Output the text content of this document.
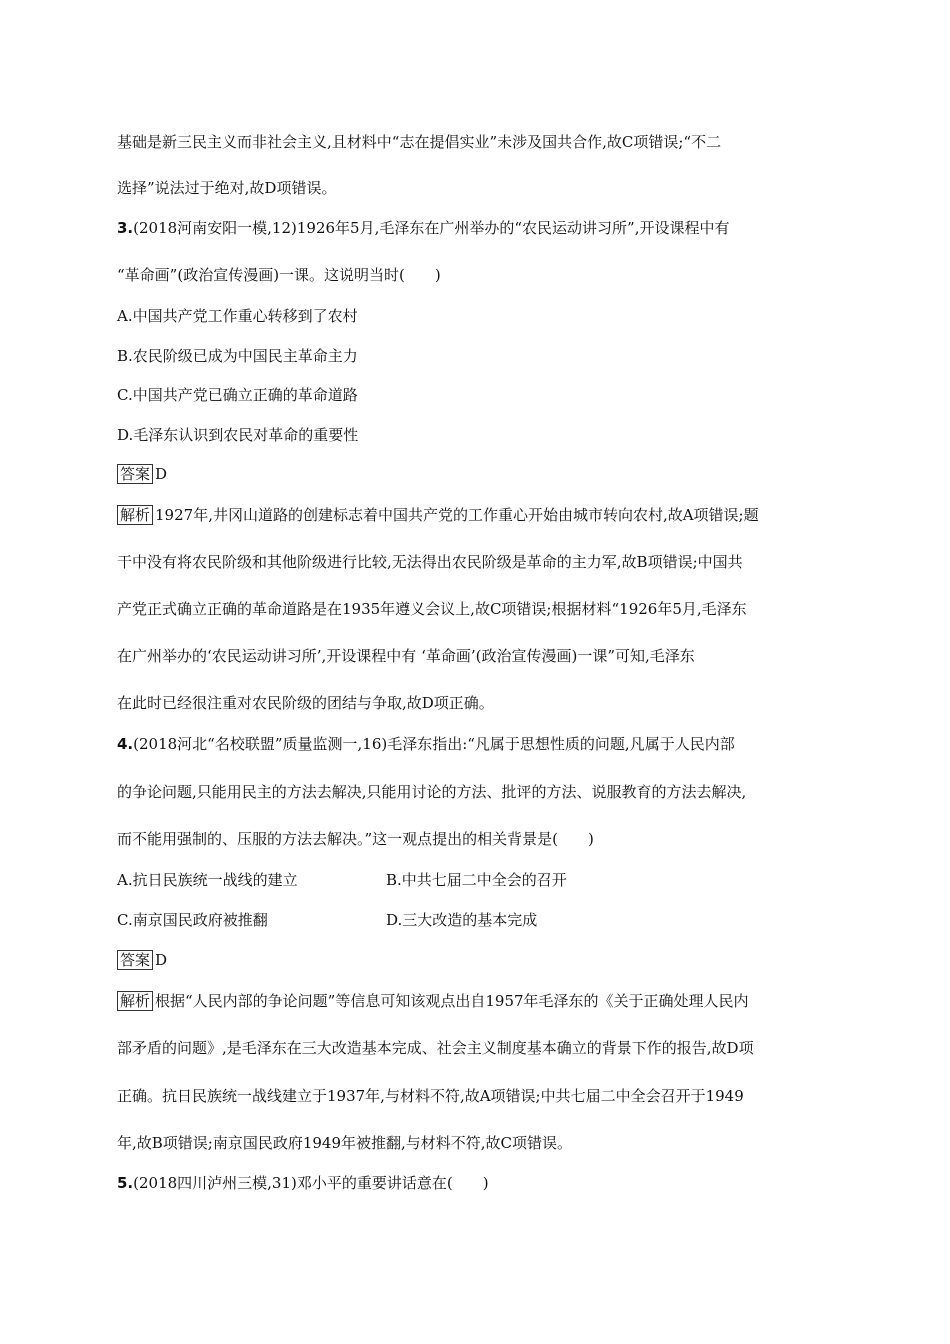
基础是新三民主义而非社会主义,且材料中“志在提倡实业”未涉及国共合作,故C项错误;“不二
选择”说法过于绝对,故D项错误。
3.(2018河南安阳一模,12)1926年5月,毛泽东在广州举办的“农民运动讲习所”,开设课程中有
“革命画”(政治宣传漫画)一课。这说明当时(　　)
A.中国共产党工作重心转移到了农村
B.农民阶级已成为中国民主革命主力
C.中国共产党已确立正确的革命道路
D.毛泽东认识到农民对革命的重要性
答案 D
解析 1927年,井冈山道路的创建标志着中国共产党的工作重心开始由城市转向农村,故A项错误;题
干中没有将农民阶级和其他阶级进行比较,无法得出农民阶级是革命的主力军,故B项错误;中国共
产党正式确立正确的革命道路是在1935年遵义会议上,故C项错误;根据材料“1926年5月,毛泽东
在广州举办的‘农民运动讲习所’,开设课程中有 ‘革命画’(政治宣传漫画)一课”可知,毛泽东
在此时已经很注重对农民阶级的团结与争取,故D项正确。
4.(2018河北“名校联盟”质量监测一,16)毛泽东指出:“凡属于思想性质的问题,凡属于人民内部
的争论问题,只能用民主的方法去解决,只能用讨论的方法、批评的方法、说服教育的方法去解决,
而不能用强制的、压服的方法去解决。”这一观点提出的相关背景是(　　)
A.抗日民族统一战线的建立	B.中共七届二中全会的召开
C.南京国民政府被推翻	D.三大改造的基本完成
答案 D
解析 根据“人民内部的争论问题”等信息可知该观点出自1957年毛泽东的《关于正确处理人民内
部矛盾的问题》,是毛泽东在三大改造基本完成、社会主义制度基本确立的背景下作的报告,故D项
正确。抗日民族统一战线建立于1937年,与材料不符,故A项错误;中共七届二中全会召开于1949
年,故B项错误;南京国民政府1949年被推翻,与材料不符,故C项错误。
5.(2018四川泸州三模,31)邓小平的重要讲话意在(　　)
